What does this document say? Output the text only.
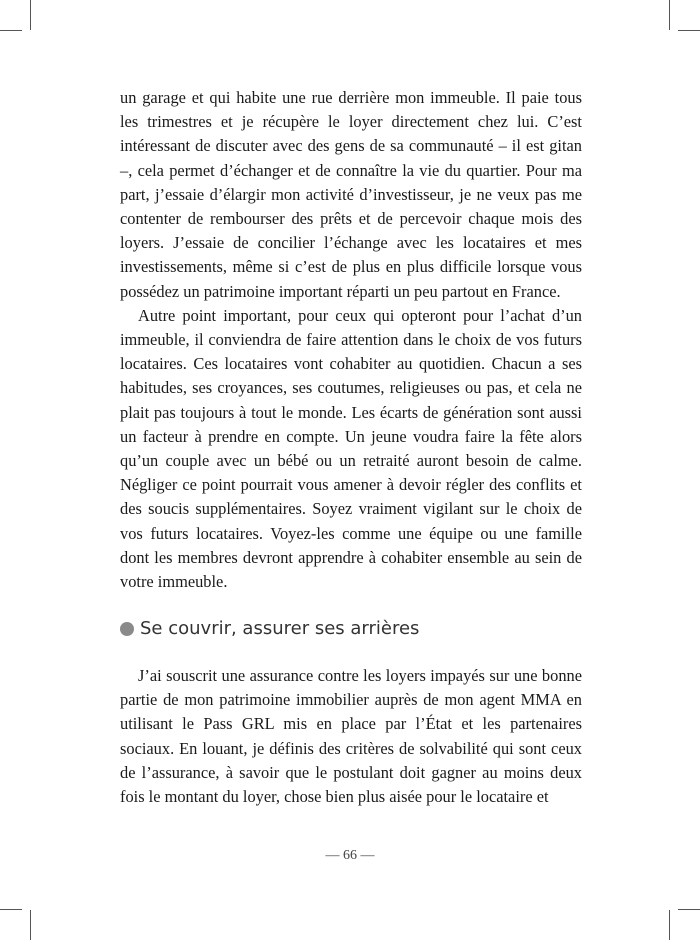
un garage et qui habite une rue derrière mon immeuble. Il paie tous les trimestres et je récupère le loyer directement chez lui. C’est intéressant de discuter avec des gens de sa communauté – il est gitan –, cela permet d’échanger et de connaître la vie du quartier. Pour ma part, j’essaie d’élargir mon activité d’investisseur, je ne veux pas me contenter de rembourser des prêts et de percevoir chaque mois des loyers. J’essaie de concilier l’échange avec les locataires et mes investissements, même si c’est de plus en plus difficile lorsque vous possédez un patrimoine important réparti un peu partout en France.

Autre point important, pour ceux qui opteront pour l’achat d’un immeuble, il conviendra de faire attention dans le choix de vos futurs locataires. Ces locataires vont cohabiter au quotidien. Chacun a ses habitudes, ses croyances, ses coutumes, religieuses ou pas, et cela ne plait pas toujours à tout le monde. Les écarts de génération sont aussi un facteur à prendre en compte. Un jeune voudra faire la fête alors qu’un couple avec un bébé ou un retraité auront besoin de calme. Négliger ce point pourrait vous amener à devoir régler des conflits et des soucis supplémentaires. Soyez vraiment vigilant sur le choix de vos futurs locataires. Voyez-les comme une équipe ou une famille dont les membres devront apprendre à cohabiter ensemble au sein de votre immeuble.

Se couvrir, assurer ses arrières

J’ai souscrit une assurance contre les loyers impayés sur une bonne partie de mon patrimoine immobilier auprès de mon agent MMA en utilisant le Pass GRL mis en place par l’État et les partenaires sociaux. En louant, je définis des critères de solvabilité qui sont ceux de l’assurance, à savoir que le postulant doit gagner au moins deux fois le montant du loyer, chose bien plus aisée pour le locataire et

— 66 —
